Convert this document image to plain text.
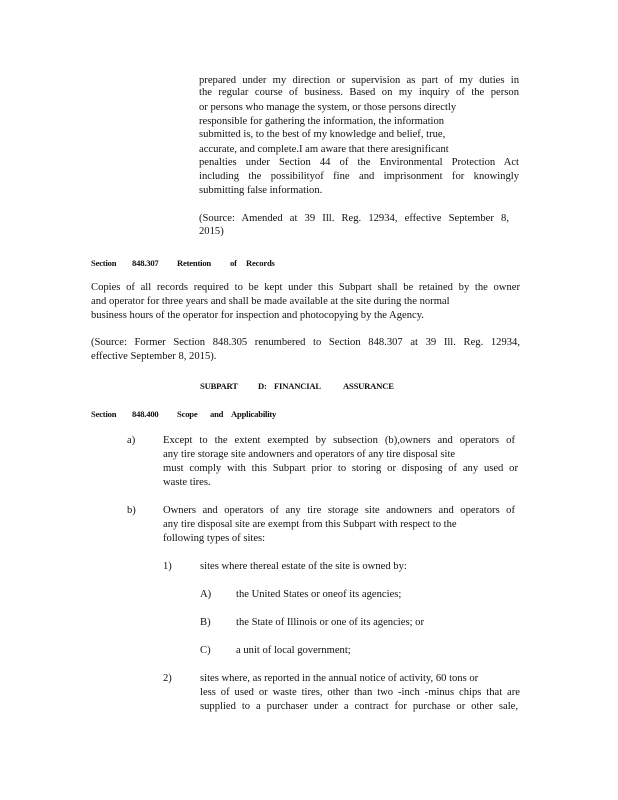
prepared under my direction or supervision as part of my duties in
the regular course of business. Based on my inquiry of the person
or persons who manage the system, or those persons directly
responsible for gathering the information, the information
submitted is, to the best of my knowledge and belief, true,
accurate, and complete.I am aware that there aresignificant
penalties under Section 44 of the Environmental Protection Act
including the possibilityof fine and imprisonment for knowingly
submitting false information.
(Source: Amended at 39 Ill. Reg. 12934, effective September 8,
2015)
Section 848.307 Retention of Records
Copies of all records required to be kept under this Subpart shall be retained by the owner
and operator for three years and shall be made available at the site during the normal
business hours of the operator for inspection and photocopying by the Agency.
(Source: Former Section 848.305 renumbered to Section 848.307 at 39 Ill. Reg. 12934,
effective September 8, 2015).
SUBPART D: FINANCIAL	ASSURANCE
Section 848.400 Scope and Applicability
a)	Except to the extent exempted by subsection (b),owners and operators of
any tire storage site andowners and operators of any tire disposal site
must comply with this Subpart prior to storing or disposing of any used or
waste tires.
b)	Owners and operators of any tire storage site andowners and operators of
any tire disposal site are exempt from this Subpart with respect to the
following types of sites:
1)	sites where thereal estate of the site is owned by:
A) the United States or oneof its agencies;
B) the State of Illinois or one of its agencies; or
C) a unit of local government;
2)	sites where, as reported in the annual notice of activity, 60 tons or
less of used or waste tires, other than two -inch -minus chips that are
supplied to a purchaser under a contract for purchase or other sale,
